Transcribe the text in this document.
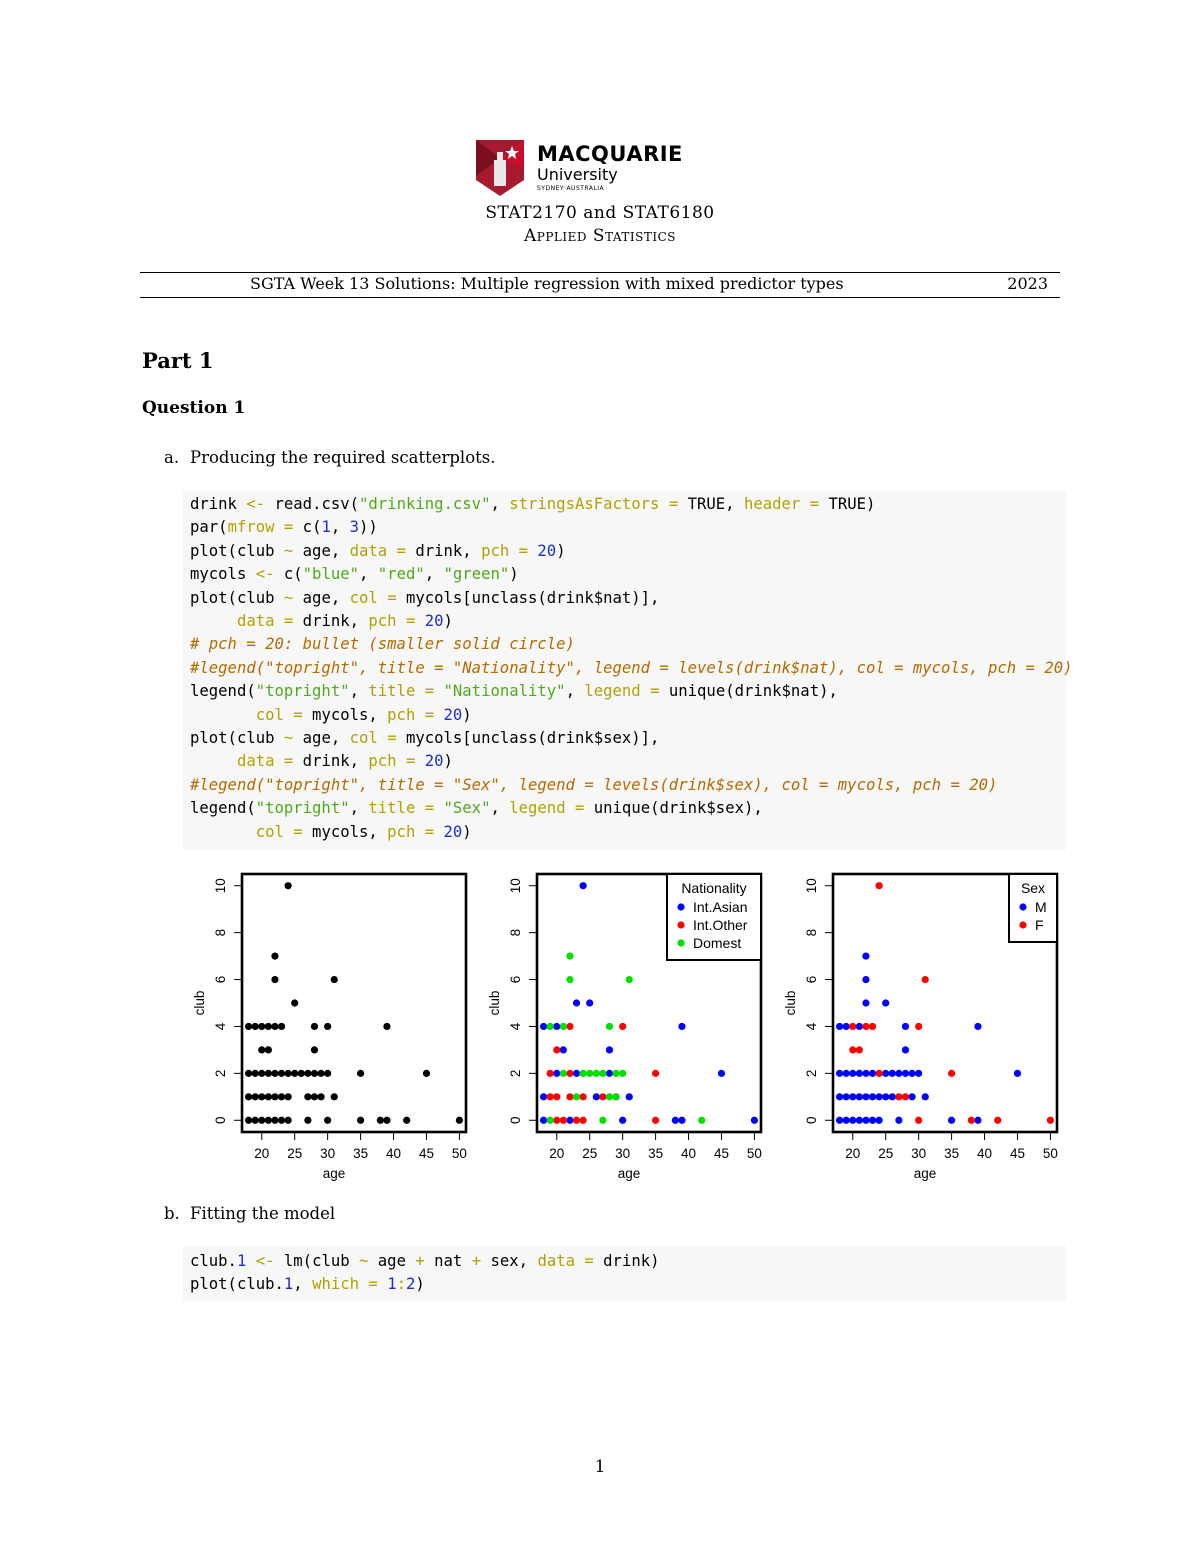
MACQUARIE
University
SYDNEY·AUSTRALIA
STAT2170 and STAT6180
Applied Statistics
SGTA Week 13 Solutions: Multiple regression with mixed predictor types	2023
Part 1
Question 1
a. Producing the required scatterplots.
drink <- read.csv("drinking.csv", stringsAsFactors = TRUE, header = TRUE)
par(mfrow = c(1, 3))
plot(club ~ age, data = drink, pch = 20)
mycols <- c("blue", "red", "green")
plot(club ~ age, col = mycols[unclass(drink$nat)],
data = drink, pch = 20)
# pch = 20: bullet (smaller solid circle)
#legend("topright", title = "Nationality", legend = levels(drink$nat), col = mycols, pch = 20)
legend("topright", title = "Nationality", legend = unique(drink$nat),
col = mycols, pch = 20)
plot(club ~ age, col = mycols[unclass(drink$sex)],
data = drink, pch = 20)
#legend("topright", title = "Sex", legend = levels(drink$sex), col = mycols, pch = 20)
legend("topright", title = "Sex", legend = unique(drink$sex),
col = mycols, pch = 20)
20 25 30 35 40 45 50
0
2
4
6
8
10
age
club
20 25 30 35 40 45 50
0
2
4
6
8
10
age
club
Nationality
Int.Asian
Int.Other
Domest
20 25 30 35 40 45 50
0
2
4
6
8
10
age
club
Sex
M
F
b. Fitting the model
club.1 <- lm(club ~ age + nat + sex, data = drink)
plot(club.1, which = 1:2)
1
